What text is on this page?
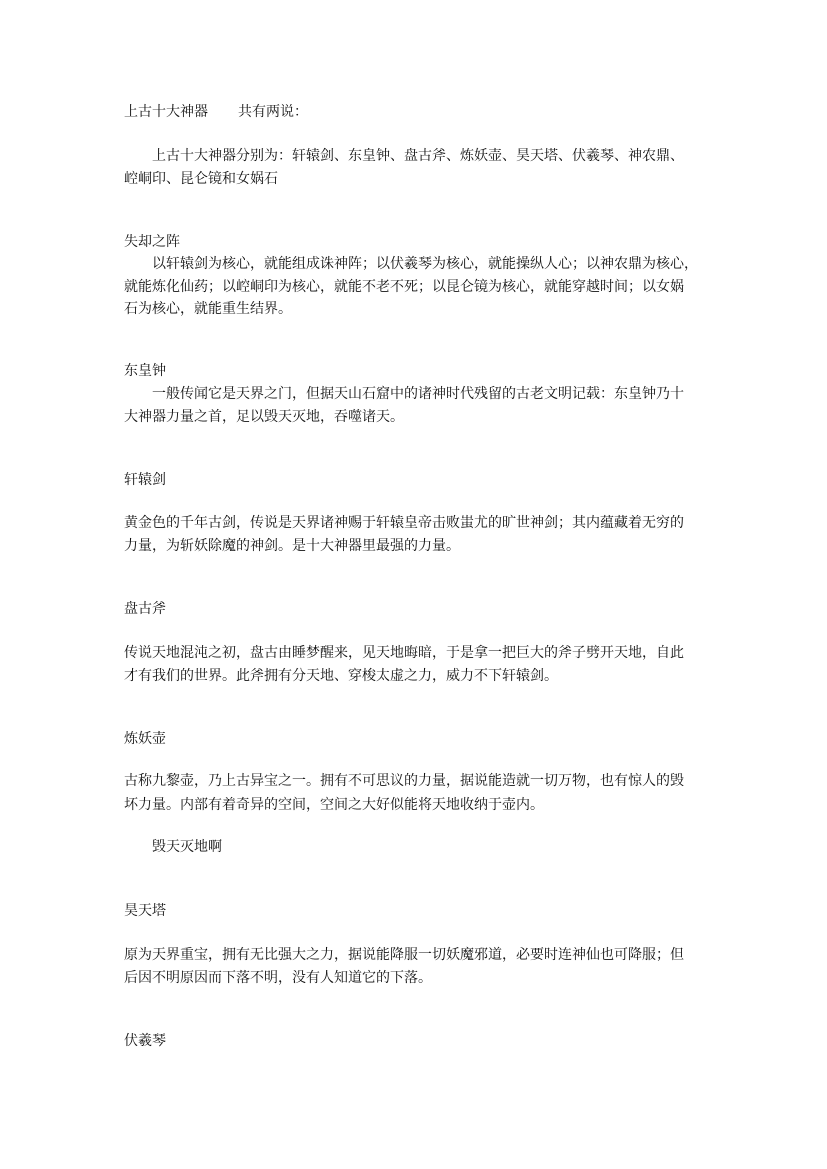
上古十大神器 共有两说：

上古十大神器分别为：轩辕剑、东皇钟、盘古斧、炼妖壶、昊天塔、伏羲琴、神农鼎、

崆峒印、昆仑镜和女娲石

失却之阵

以轩辕剑为核心，就能组成诛神阵；以伏羲琴为核心，就能操纵人心；以神农鼎为核心，

就能炼化仙药；以崆峒印为核心，就能不老不死；以昆仑镜为核心，就能穿越时间；以女娲

石为核心，就能重生结界。

东皇钟

一般传闻它是天界之门，但据天山石窟中的诸神时代残留的古老文明记载：东皇钟乃十

大神器力量之首，足以毁天灭地，吞噬诸天。

轩辕剑

黄金色的千年古剑，传说是天界诸神赐于轩辕皇帝击败蚩尤的旷世神剑；其内蕴藏着无穷的

力量，为斩妖除魔的神剑。是十大神器里最强的力量。

盘古斧

传说天地混沌之初，盘古由睡梦醒来，见天地晦暗，于是拿一把巨大的斧子劈开天地，自此

才有我们的世界。此斧拥有分天地、穿梭太虚之力，威力不下轩辕剑。

炼妖壶

古称九黎壶，乃上古异宝之一。拥有不可思议的力量，据说能造就一切万物，也有惊人的毁

坏力量。内部有着奇异的空间，空间之大好似能将天地收纳于壶内。

毁天灭地啊

昊天塔

原为天界重宝，拥有无比强大之力，据说能降服一切妖魔邪道，必要时连神仙也可降服；但

后因不明原因而下落不明，没有人知道它的下落。

伏羲琴
